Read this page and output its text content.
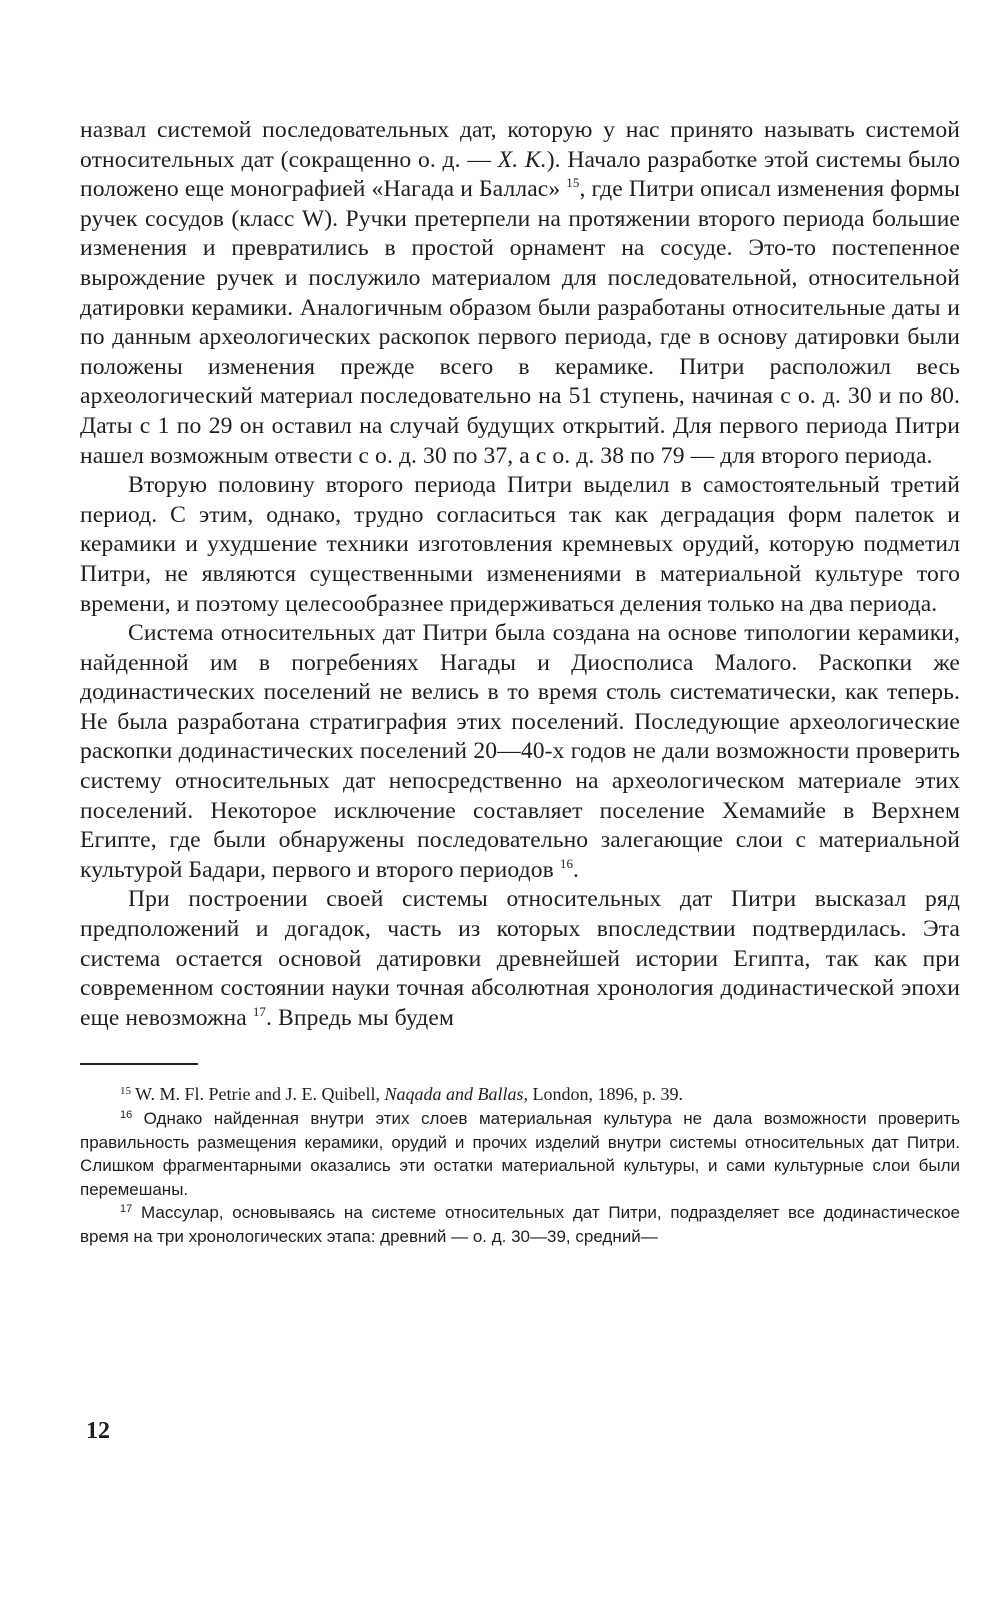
назвал системой последовательных дат, которую у нас принято называть системой относительных дат (сокращенно о. д. — Х. К.). Начало разработке этой системы было положено еще монографией «Нагада и Баллас» $^{15}$, где Питри описал изменения формы ручек сосудов (класс W). Ручки претерпели на протяжении второго периода большие изменения и превратились в простой орнамент на сосуде. Это-то постепенное вырождение ручек и послужило материалом для последовательной, относительной датировки керамики. Аналогичным образом были разработаны относительные даты и по данным археологических раскопок первого периода, где в основу датировки были положены изменения прежде всего в керамике. Питри расположил весь археологический материал последовательно на 51 ступень, начиная с о. д. 30 и по 80. Даты с 1 по 29 он оставил на случай будущих открытий. Для первого периода Питри нашел возможным отвести с о. д. 30 по 37, а с о. д. 38 по 79 — для второго периода.

Вторую половину второго периода Питри выделил в самостоятельный третий период. С этим, однако, трудно согласиться так как деградация форм палеток и керамики и ухудшение техники изготовления кремневых орудий, которую подметил Питри, не являются существенными изменениями в материальной культуре того времени, и поэтому целесообразнее придерживаться деления только на два периода.

Система относительных дат Питри была создана на основе типологии керамики, найденной им в погребениях Нагады и Диосполиса Малого. Раскопки же додинастических поселений не велись в то время столь систематически, как теперь. Не была разработана стратиграфия этих поселений. Последующие археологические раскопки додинастических поселений 20—40-х годов не дали возможности проверить систему относительных дат непосредственно на археологическом материале этих поселений. Некоторое исключение составляет поселение Хемамийе в Верхнем Египте, где были обнаружены последовательно залегающие слои с материальной культурой Бадари, первого и второго периодов $^{16}$.

При построении своей системы относительных дат Питри высказал ряд предположений и догадок, часть из которых впоследствии подтвердилась. Эта система остается основой датировки древнейшей истории Египта, так как при современном состоянии науки точная абсолютная хронология додинастической эпохи еще невозможна $^{17}$. Впредь мы будем

$^{15}$ W. M. Fl. Petrie and J. E. Quibell, Naqada and Ballas, London, 1896, p. 39.

$^{16}$ Однако найденная внутри этих слоев материальная культура не дала возможности проверить правильность размещения керамики, орудий и прочих изделий внутри системы относительных дат Питри. Слишком фрагментарными оказались эти остатки материальной культуры, и сами культурные слои были перемешаны.

$^{17}$ Массулар, основываясь на системе относительных дат Питри, подразделяет все додинастическое время на три хронологических этапа: древний — о. д. 30—39, средний—

12
